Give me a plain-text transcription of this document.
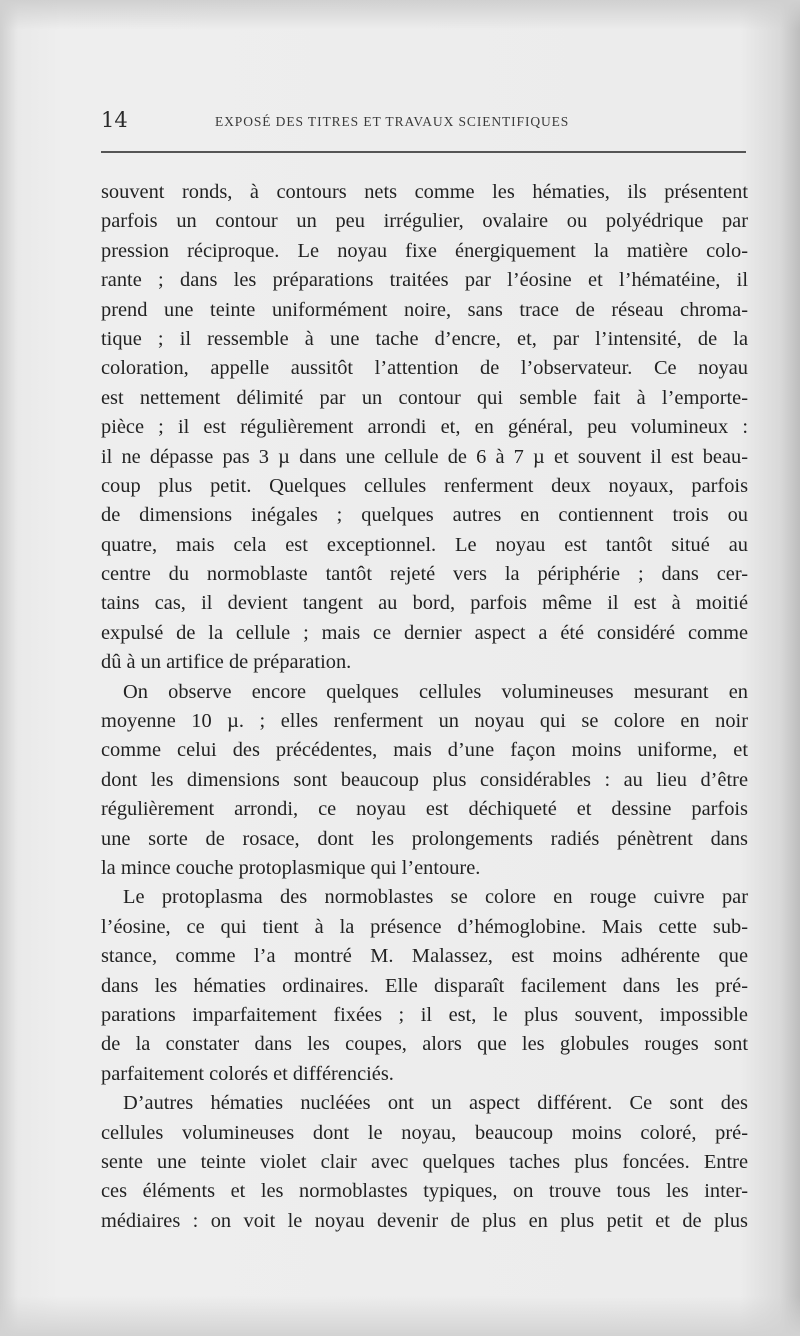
14	EXPOSÉ DES TITRES ET TRAVAUX SCIENTIFIQUES
souvent ronds, à contours nets comme les hématies, ils présentent
parfois un contour un peu irrégulier, ovalaire ou polyédrique par
pression réciproque. Le noyau fixe énergiquement la matière colo-
rante ; dans les préparations traitées par l’éosine et l’hématéine, il
prend une teinte uniformément noire, sans trace de réseau chroma-
tique ; il ressemble à une tache d’encre, et, par l’intensité, de la
coloration, appelle aussitôt l’attention de l’observateur. Ce noyau
est nettement délimité par un contour qui semble fait à l’emporte-
pièce ; il est régulièrement arrondi et, en général, peu volumineux :
il ne dépasse pas 3 µ dans une cellule de 6 à 7 µ et souvent il est beau-
coup plus petit. Quelques cellules renferment deux noyaux, parfois
de dimensions inégales ; quelques autres en contiennent trois ou
quatre, mais cela est exceptionnel. Le noyau est tantôt situé au
centre du normoblaste tantôt rejeté vers la périphérie ; dans cer-
tains cas, il devient tangent au bord, parfois même il est à moitié
expulsé de la cellule ; mais ce dernier aspect a été considéré comme
dû à un artifice de préparation.
On observe encore quelques cellules volumineuses mesurant en
moyenne 10 µ. ; elles renferment un noyau qui se colore en noir
comme celui des précédentes, mais d’une façon moins uniforme, et
dont les dimensions sont beaucoup plus considérables : au lieu d’être
régulièrement arrondi, ce noyau est déchiqueté et dessine parfois
une sorte de rosace, dont les prolongements radiés pénètrent dans
la mince couche protoplasmique qui l’entoure.
Le protoplasma des normoblastes se colore en rouge cuivre par
l’éosine, ce qui tient à la présence d’hémoglobine. Mais cette sub-
stance, comme l’a montré M. Malassez, est moins adhérente que
dans les hématies ordinaires. Elle disparaît facilement dans les pré-
parations imparfaitement fixées ; il est, le plus souvent, impossible
de la constater dans les coupes, alors que les globules rouges sont
parfaitement colorés et différenciés.
D’autres hématies nucléées ont un aspect différent. Ce sont des
cellules volumineuses dont le noyau, beaucoup moins coloré, pré-
sente une teinte violet clair avec quelques taches plus foncées. Entre
ces éléments et les normoblastes typiques, on trouve tous les inter-
médiaires : on voit le noyau devenir de plus en plus petit et de plus
